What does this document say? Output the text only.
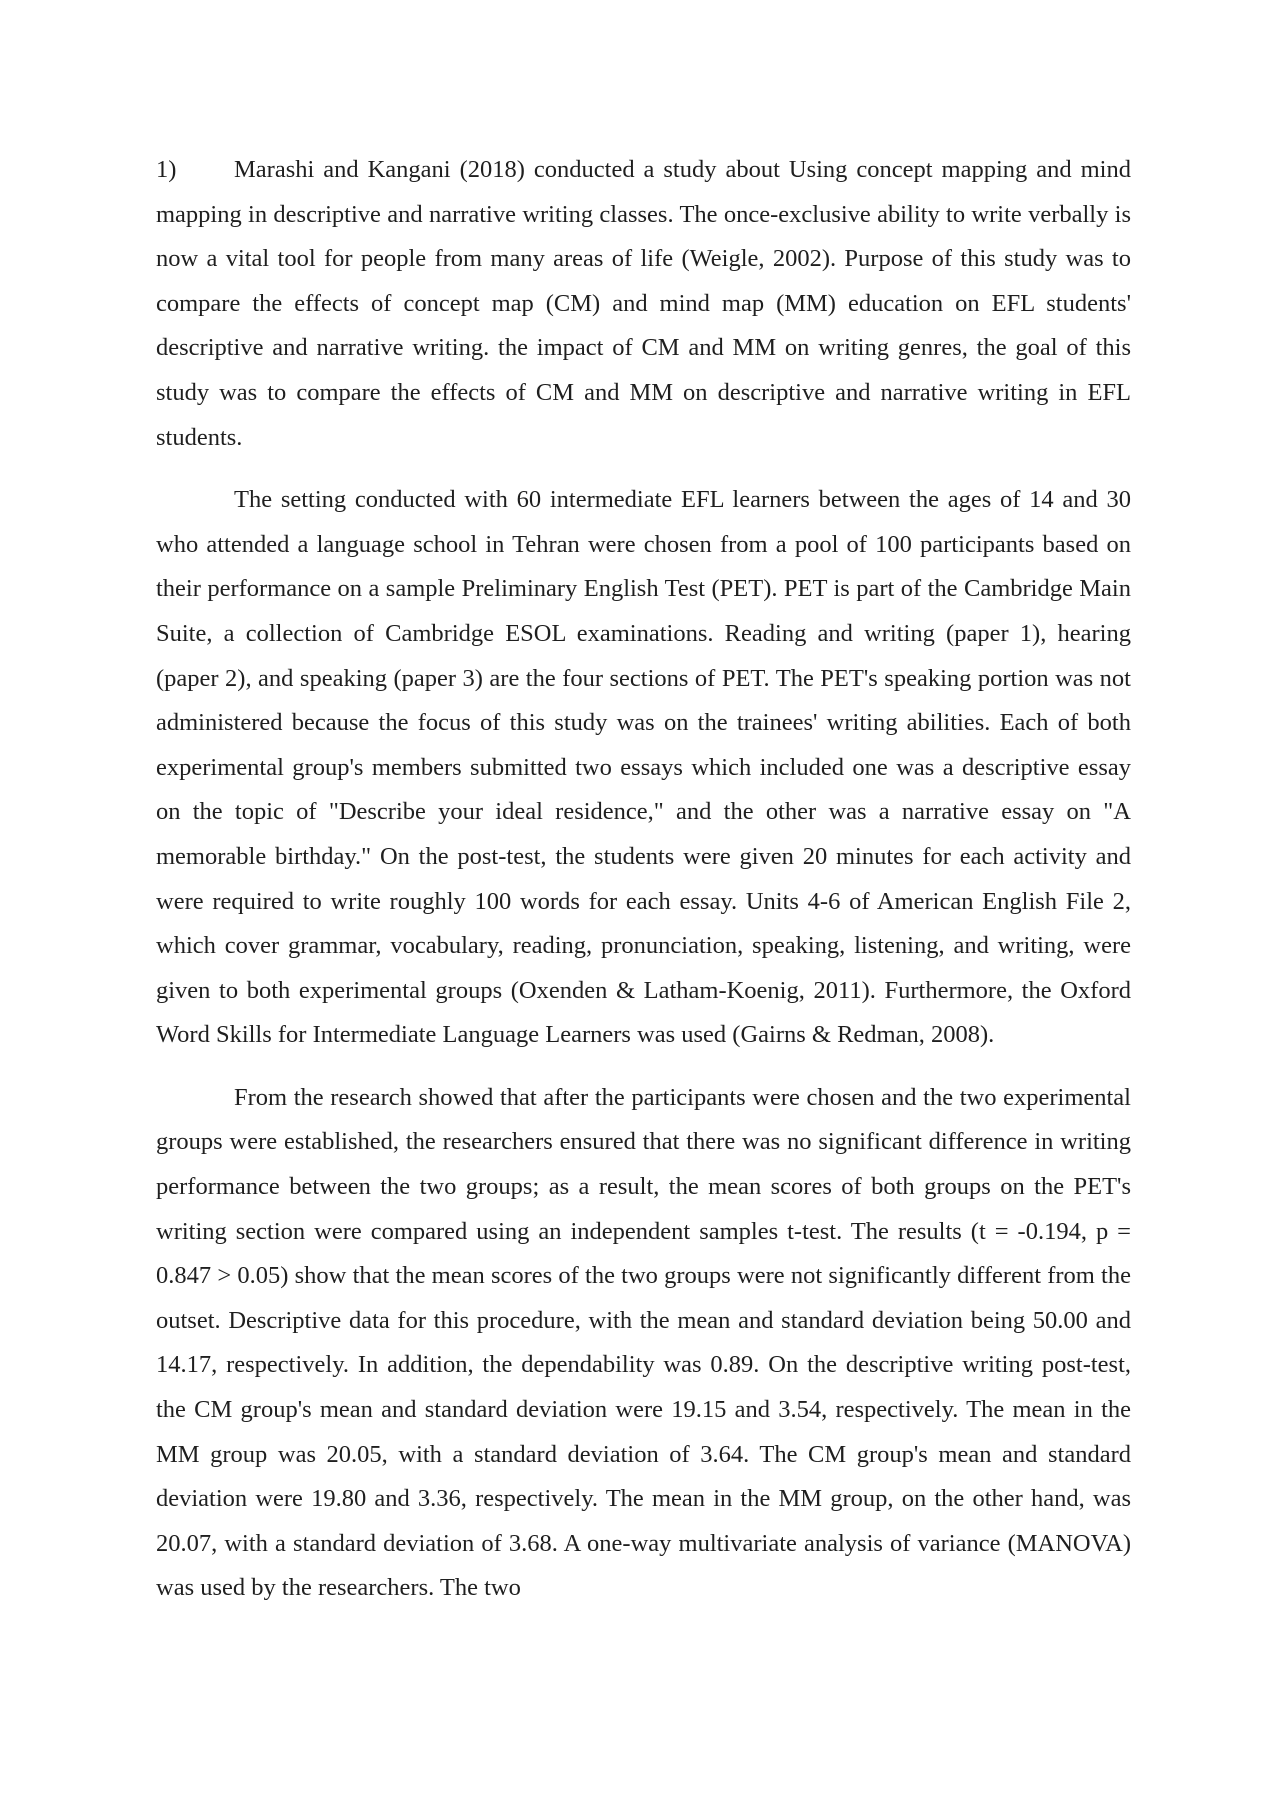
1) Marashi and Kangani (2018) conducted a study about Using concept mapping and mind mapping in descriptive and narrative writing classes. The once-exclusive ability to write verbally is now a vital tool for people from many areas of life (Weigle, 2002). Purpose of this study was to compare the effects of concept map (CM) and mind map (MM) education on EFL students' descriptive and narrative writing. the impact of CM and MM on writing genres, the goal of this study was to compare the effects of CM and MM on descriptive and narrative writing in EFL students.

The setting conducted with 60 intermediate EFL learners between the ages of 14 and 30 who attended a language school in Tehran were chosen from a pool of 100 participants based on their performance on a sample Preliminary English Test (PET). PET is part of the Cambridge Main Suite, a collection of Cambridge ESOL examinations. Reading and writing (paper 1), hearing (paper 2), and speaking (paper 3) are the four sections of PET. The PET's speaking portion was not administered because the focus of this study was on the trainees' writing abilities. Each of both experimental group's members submitted two essays which included one was a descriptive essay on the topic of "Describe your ideal residence," and the other was a narrative essay on "A memorable birthday." On the post-test, the students were given 20 minutes for each activity and were required to write roughly 100 words for each essay. Units 4-6 of American English File 2, which cover grammar, vocabulary, reading, pronunciation, speaking, listening, and writing, were given to both experimental groups (Oxenden & Latham-Koenig, 2011). Furthermore, the Oxford Word Skills for Intermediate Language Learners was used (Gairns & Redman, 2008).

From the research showed that after the participants were chosen and the two experimental groups were established, the researchers ensured that there was no significant difference in writing performance between the two groups; as a result, the mean scores of both groups on the PET's writing section were compared using an independent samples t-test. The results (t = -0.194, p = 0.847 > 0.05) show that the mean scores of the two groups were not significantly different from the outset. Descriptive data for this procedure, with the mean and standard deviation being 50.00 and 14.17, respectively. In addition, the dependability was 0.89. On the descriptive writing post-test, the CM group's mean and standard deviation were 19.15 and 3.54, respectively. The mean in the MM group was 20.05, with a standard deviation of 3.64. The CM group's mean and standard deviation were 19.80 and 3.36, respectively. The mean in the MM group, on the other hand, was 20.07, with a standard deviation of 3.68. A one-way multivariate analysis of variance (MANOVA) was used by the researchers. The two
